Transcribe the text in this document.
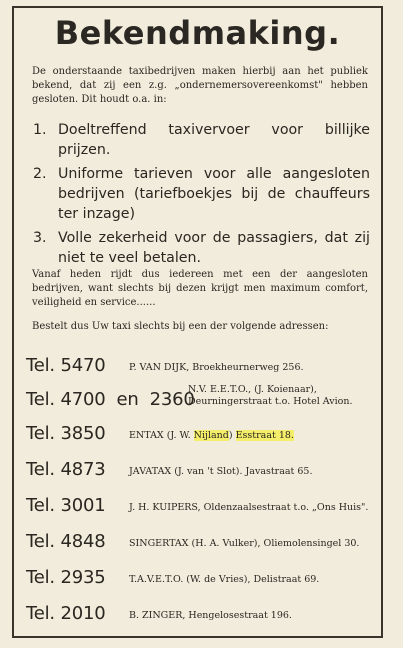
Bekendmaking.
De onderstaande taxibedrijven maken hierbij aan het publiek bekend, dat zij een z.g. „ondernemersovereenkomst" hebben gesloten. Dit houdt o.a. in:
1. Doeltreffend taxivervoer voor billijke prijzen.
2. Uniforme tarieven voor alle aangesloten bedrijven (tariefboekjes bij de chauffeurs ter inzage)
3. Volle zekerheid voor de passagiers, dat zij niet te veel betalen.
Vanaf heden rijdt dus iedereen met een der aangesloten bedrijven, want slechts bij dezen krijgt men maximum comfort, veiligheid en service......
Bestelt dus Uw taxi slechts bij een der volgende adressen:
Tel. 5470 P. VAN DIJK, Broekheurnerweg 256.
Tel. 4700  en  2360
N.V. E.E.T.O., (J. Koienaar),
Deurningerstraat t.o. Hotel Avion.
Tel. 3850 ENTAX (J. W. Nijland) Esstraat 18.
Tel. 4873 JAVATAX (J. van 't Slot). Javastraat 65.
Tel. 3001 J. H. KUIPERS, Oldenzaalsestraat t.o. „Ons Huis".
Tel. 4848 SINGERTAX (H. A. Vulker), Oliemolensingel 30.
Tel. 2935 T.A.V.E.T.O. (W. de Vries), Delistraat 69.
Tel. 2010 B. ZINGER, Hengelosestraat 196.
